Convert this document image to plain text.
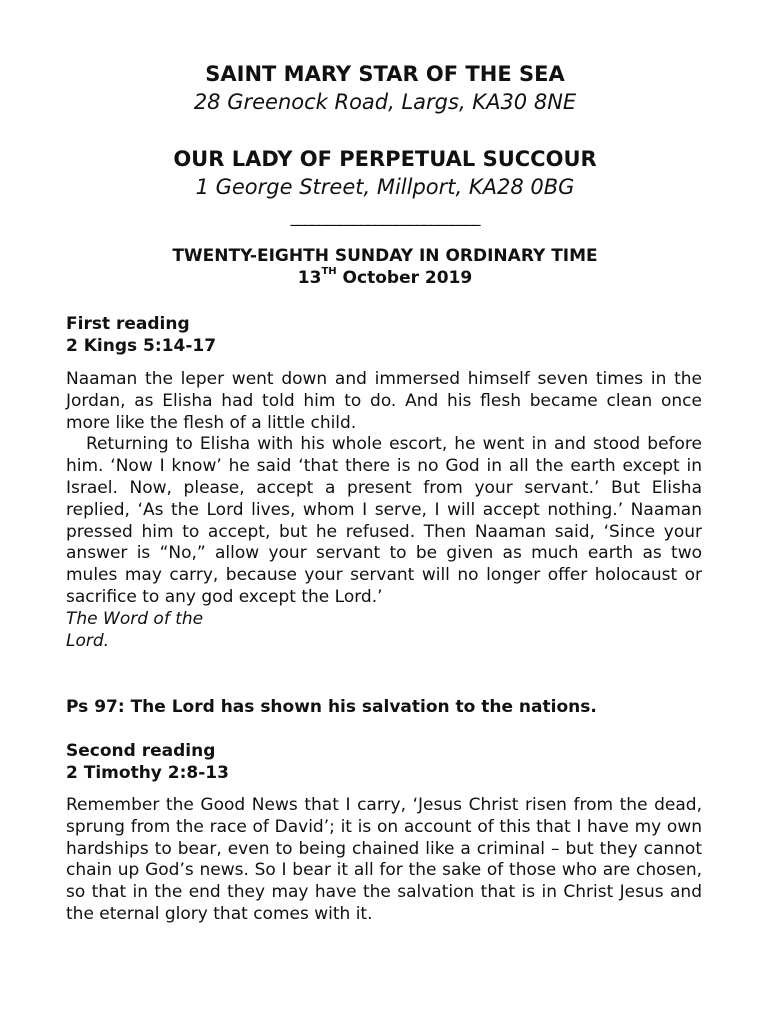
SAINT MARY STAR OF THE SEA
28 Greenock Road, Largs, KA30 8NE
OUR LADY OF PERPETUAL SUCCOUR
1 George Street, Millport, KA28 0BG
___________________________
TWENTY-EIGHTH SUNDAY IN ORDINARY TIME
13TH October 2019
First reading
2 Kings 5:14-17
Naaman the leper went down and immersed himself seven times in the Jordan, as Elisha had told him to do. And his flesh became clean once more like the flesh of a little child.
Returning to Elisha with his whole escort, he went in and stood before him. ‘Now I know’ he said ‘that there is no God in all the earth except in Israel. Now, please, accept a present from your servant.’ But Elisha replied, ‘As the Lord lives, whom I serve, I will accept nothing.’ Naaman pressed him to accept, but he refused. Then Naaman said, ‘Since your answer is “No,” allow your servant to be given as much earth as two mules may carry, because your servant will no longer offer holocaust or sacrifice to any god except the Lord.’
The Word of the
Lord.
Ps 97: The Lord has shown his salvation to the nations.
Second reading
2 Timothy 2:8-13
Remember the Good News that I carry, ‘Jesus Christ risen from the dead, sprung from the race of David’; it is on account of this that I have my own hardships to bear, even to being chained like a criminal – but they cannot chain up God’s news. So I bear it all for the sake of those who are chosen, so that in the end they may have the salvation that is in Christ Jesus and the eternal glory that comes with it.
